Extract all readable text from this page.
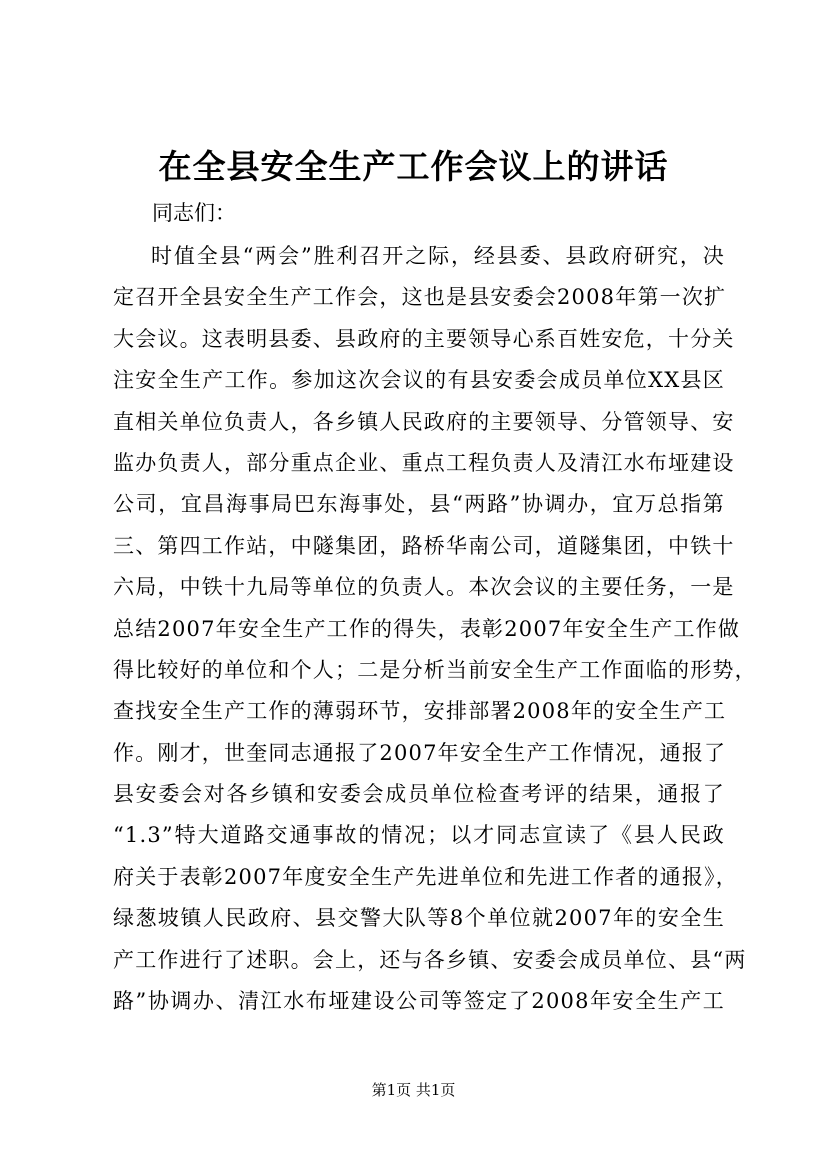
在全县安全生产工作会议上的讲话

同志们：

时值全县“两会”胜利召开之际，经县委、县政府研究，决
定召开全县安全生产工作会，这也是县安委会2008年第一次扩
大会议。这表明县委、县政府的主要领导心系百姓安危，十分关
注安全生产工作。参加这次会议的有县安委会成员单位XX县区
直相关单位负责人，各乡镇人民政府的主要领导、分管领导、安
监办负责人，部分重点企业、重点工程负责人及清江水布垭建设
公司，宜昌海事局巴东海事处，县“两路”协调办，宜万总指第
三、第四工作站，中隧集团，路桥华南公司，道隧集团，中铁十
六局，中铁十九局等单位的负责人。本次会议的主要任务，一是
总结2007年安全生产工作的得失，表彰2007年安全生产工作做
得比较好的单位和个人；二是分析当前安全生产工作面临的形势，
查找安全生产工作的薄弱环节，安排部署2008年的安全生产工
作。刚才，世奎同志通报了2007年安全生产工作情况，通报了
县安委会对各乡镇和安委会成员单位检查考评的结果，通报了
“1.3”特大道路交通事故的情况；以才同志宣读了《县人民政
府关于表彰2007年度安全生产先进单位和先进工作者的通报》，
绿葱坡镇人民政府、县交警大队等8个单位就2007年的安全生
产工作进行了述职。会上，还与各乡镇、安委会成员单位、县“两
路”协调办、清江水布垭建设公司等签定了2008年安全生产工
第1页 共1页
